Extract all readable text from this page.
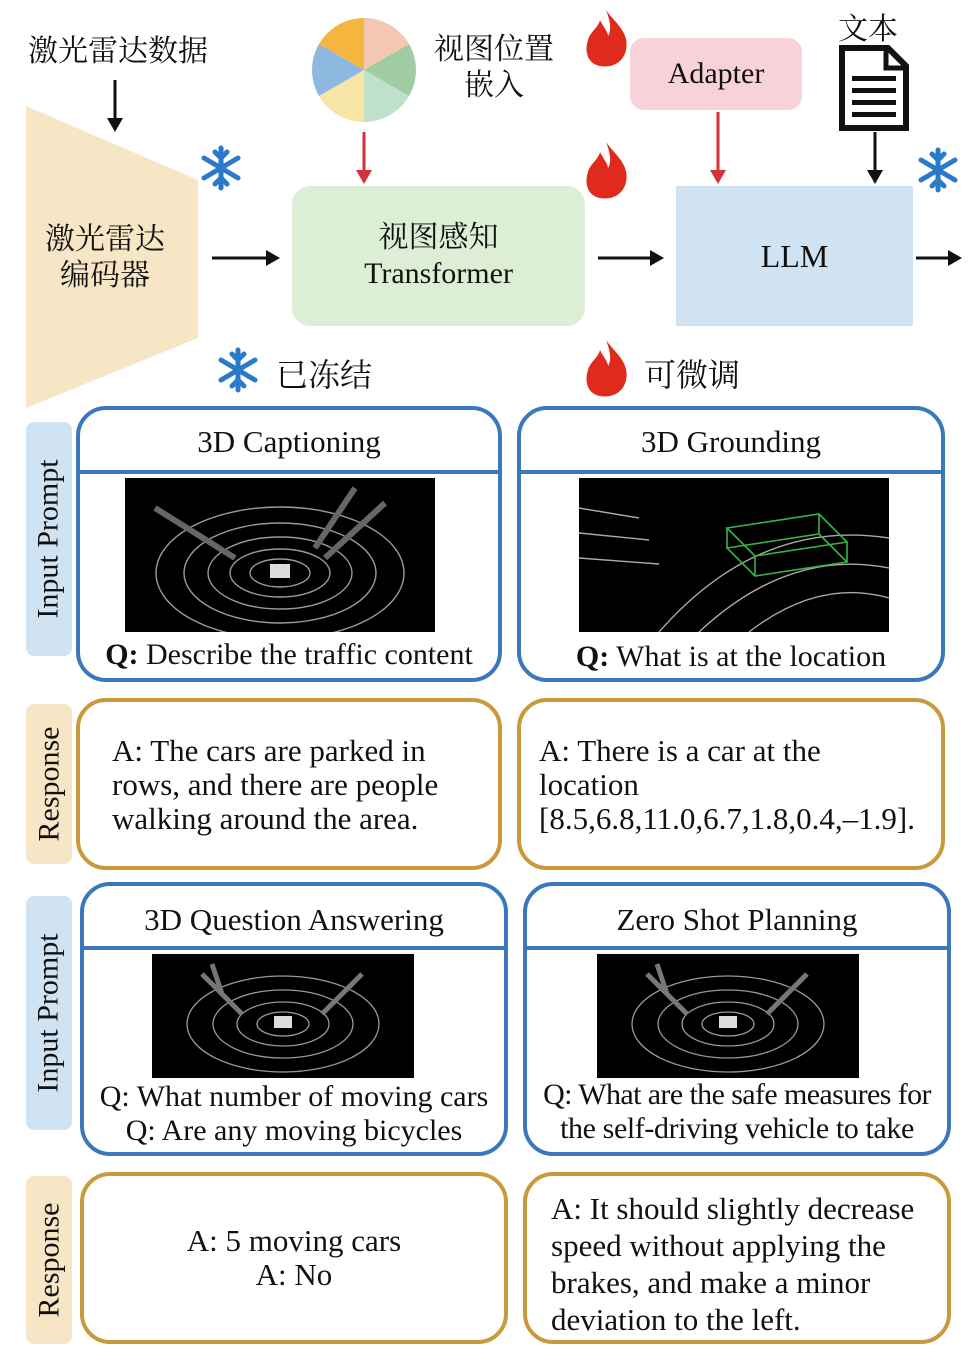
激光雷达数据
激光雷达
编码器
视图位置
嵌入
视图感知
Transformer
Adapter
文本
LLM
已冻结	可微调
Input Prompt
Response
Input Prompt
Response
3D Captioning
Q: Describe the traffic content
3D Grounding
Q: What is at the location
A: The cars are parked in
rows, and there are people
walking around the area.
A: There is a car at the
location
[8.5,6.8,11.0,6.7,1.8,0.4,–1.9].
3D Question Answering
Q: What number of moving cars
Q: Are any moving bicycles
Zero Shot Planning
Q: What are the safe measures for
the self-driving vehicle to take
A: 5 moving cars
A: No
A: It should slightly decrease
speed without applying the
brakes, and make a minor
deviation to the left.
